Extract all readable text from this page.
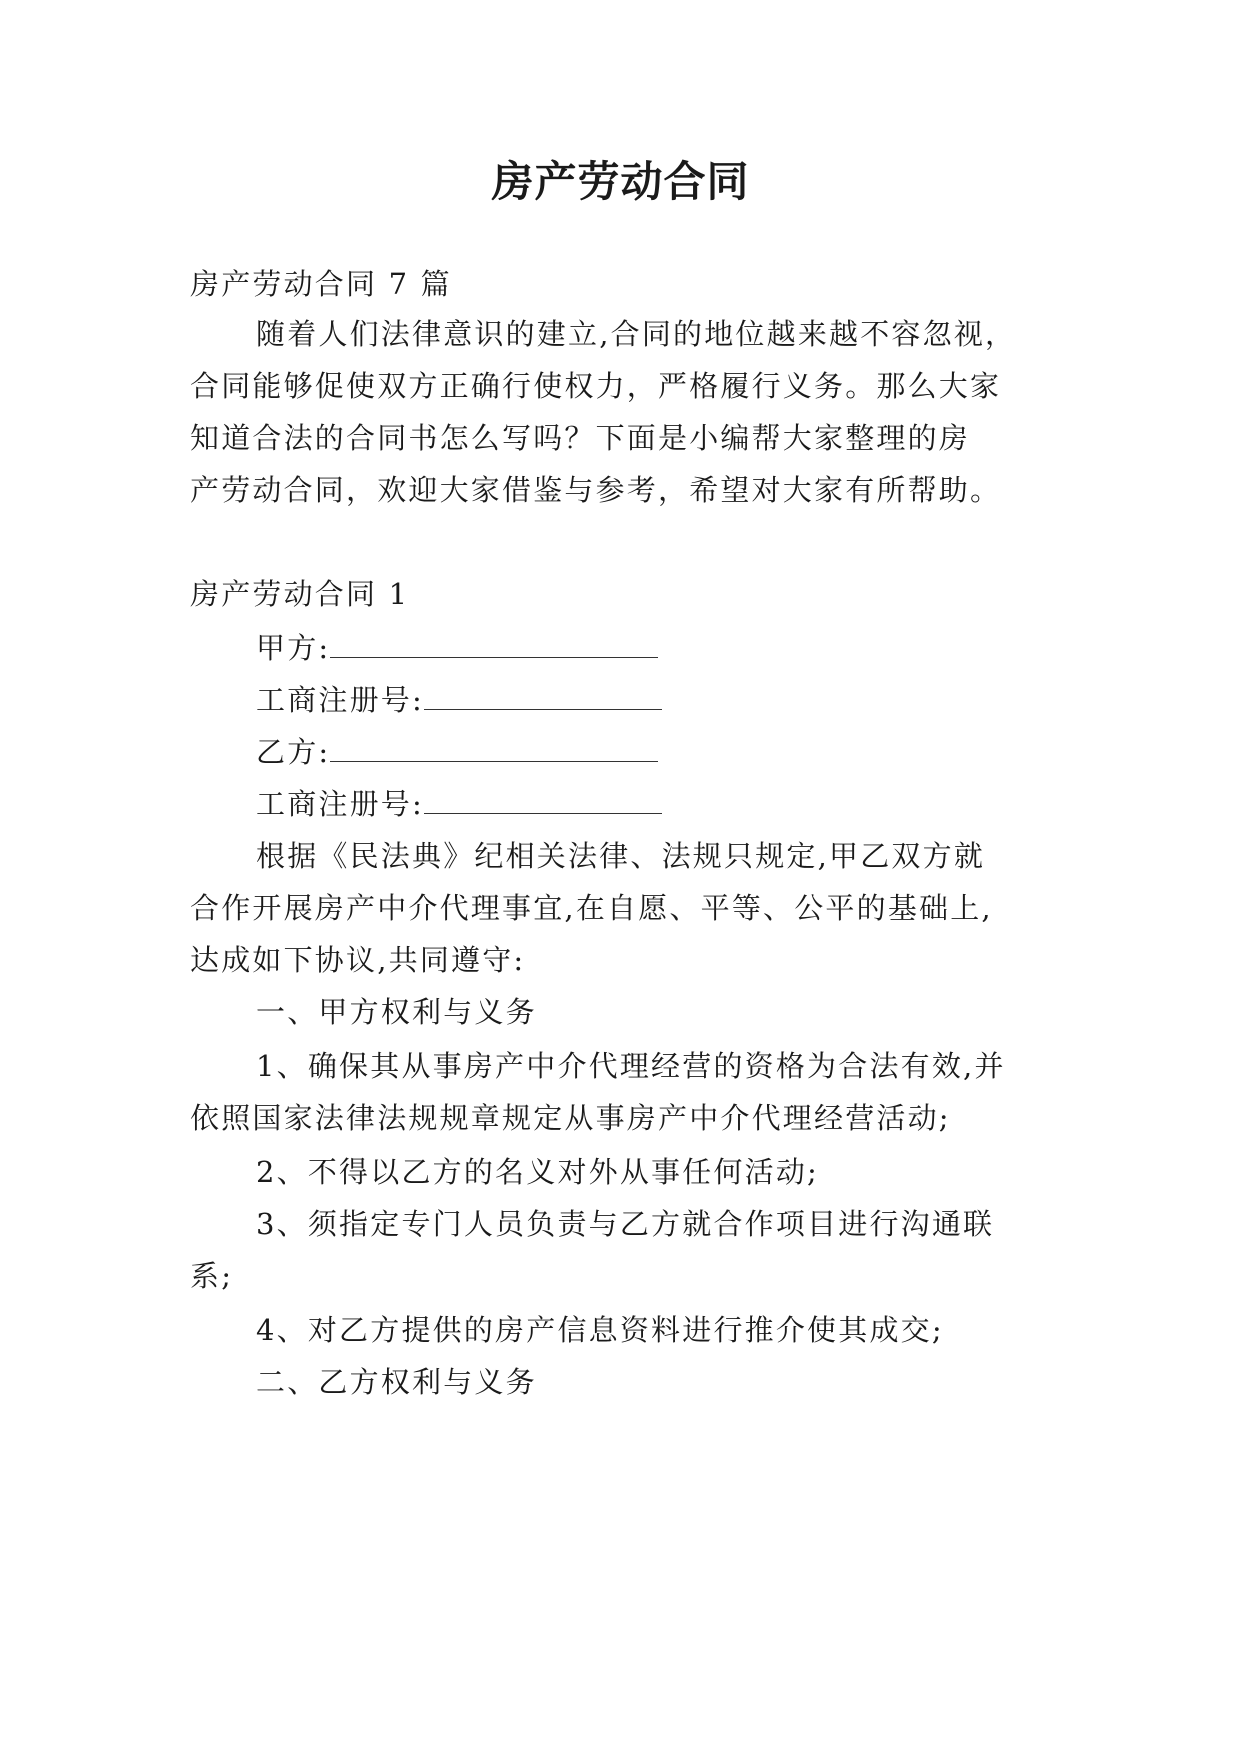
房产劳动合同
房产劳动合同 7 篇
随着人们法律意识的建立,合同的地位越来越不容忽视，
合同能够促使双方正确行使权力，严格履行义务。那么大家
知道合法的合同书怎么写吗？下面是小编帮大家整理的房
产劳动合同，欢迎大家借鉴与参考，希望对大家有所帮助。
房产劳动合同 1
甲方:
工商注册号:
乙方:
工商注册号:
根据《民法典》纪相关法律、法规只规定,甲乙双方就
合作开展房产中介代理事宜,在自愿、平等、公平的基础上,
达成如下协议,共同遵守:
一、甲方权利与义务
1、确保其从事房产中介代理经营的资格为合法有效,并
依照国家法律法规规章规定从事房产中介代理经营活动;
2、不得以乙方的名义对外从事任何活动;
3、须指定专门人员负责与乙方就合作项目进行沟通联
系;
4、对乙方提供的房产信息资料进行推介使其成交;
二、乙方权利与义务
